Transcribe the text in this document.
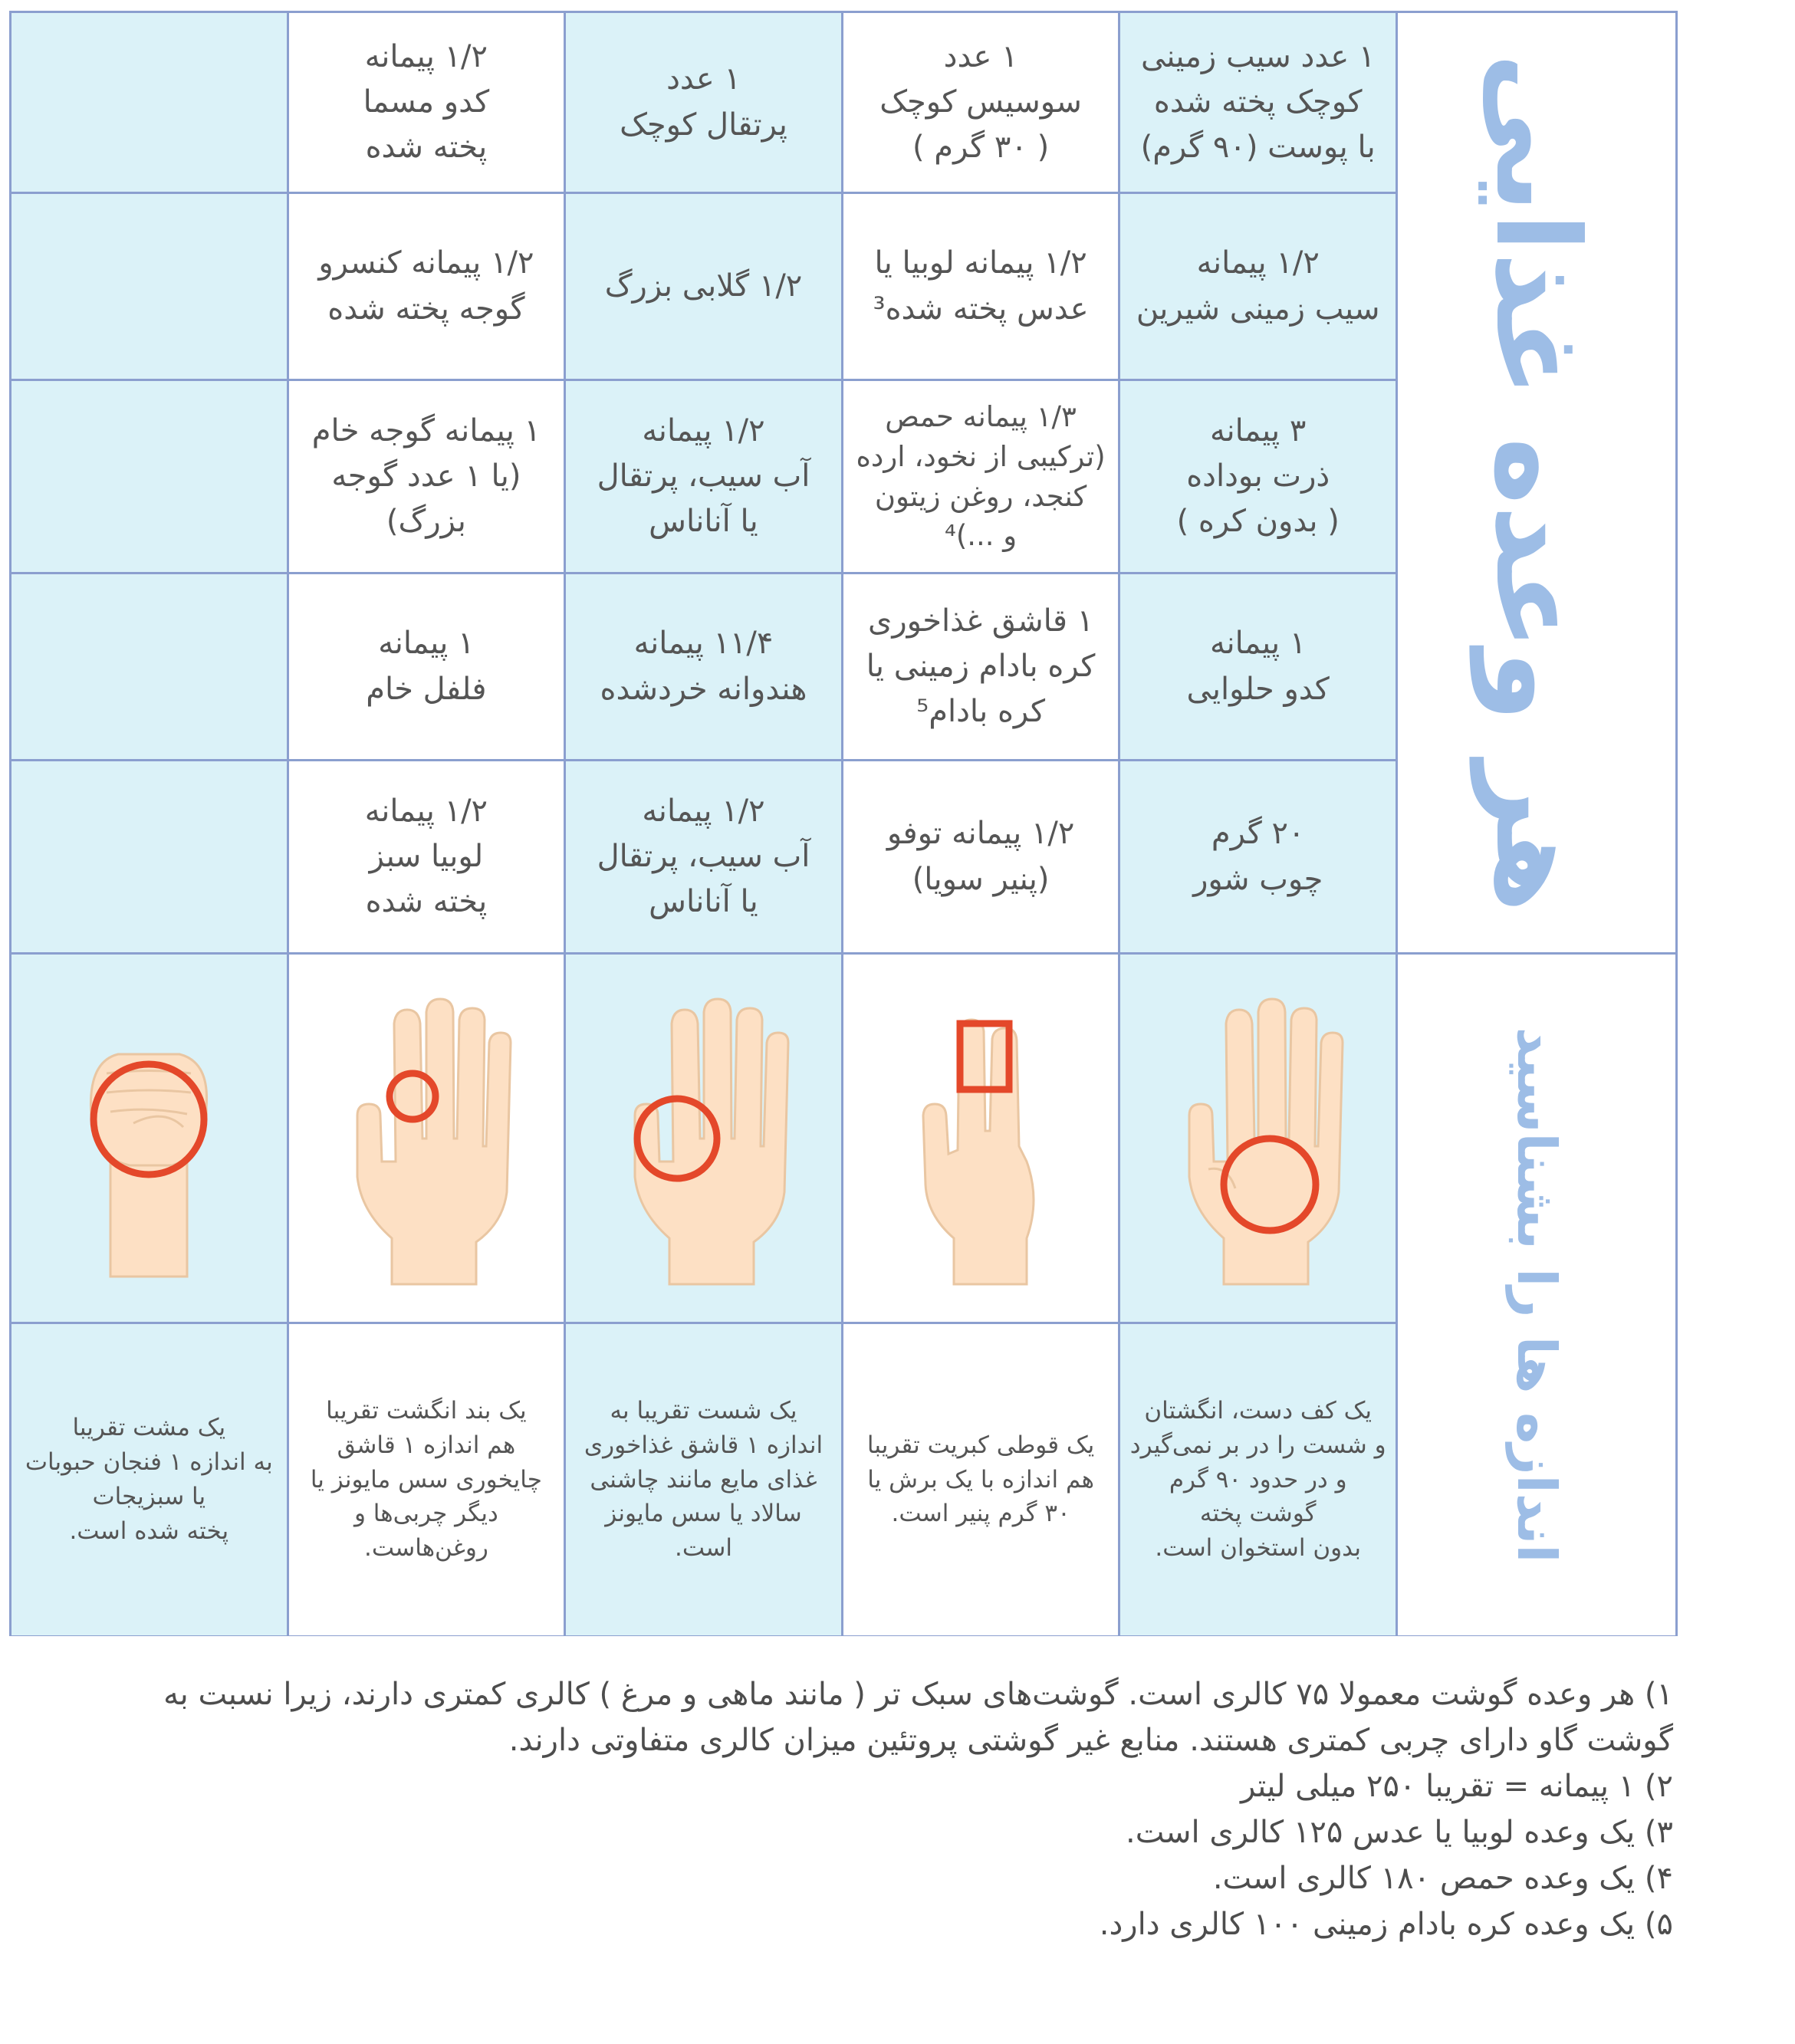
۱/۲ پیمانه
کدو مسما
پخته شده
۱ عدد
پرتقال کوچک
۱ عدد
سوسیس کوچک
( ۳۰ گرم )
۱ عدد سیب زمینی
کوچک پخته شده
با پوست (۹۰ گرم)
۱/۲ پیمانه کنسرو
گوجه پخته شده
۱/۲ گلابی بزرگ
۱/۲ پیمانه لوبیا یا
عدس پخته شده³
۱/۲ پیمانه
سیب زمینی شیرین
۱ پیمانه گوجه خام
(یا ۱ عدد گوجه بزرگ)
۱/۲ پیمانه
آب سیب، پرتقال
یا آناناس
۱/۳ پیمانه حمص
(ترکیبی از نخود، ارده
کنجد، روغن زیتون
و ...)⁴
۳ پیمانه
ذرت بوداده
( بدون کره )
۱ پیمانه
فلفل خام
۱۱/۴ پیمانه
هندوانه خردشده
۱ قاشق غذاخوری
کره بادام زمینی یا
کره بادام⁵
۱ پیمانه
کدو حلوایی
۱/۲ پیمانه
لوبیا سبز
پخته شده
۱/۲ پیمانه
آب سیب، پرتقال
یا آناناس
۱/۲ پیمانه توفو
(پنیر سویا)
۲۰ گرم
چوب شور	هر وعده غذایی
اندازه ها را بشناسید
یک مشت تقریبا
به اندازه ۱ فنجان حبوبات
یا سبزیجات
پخته شده است.
یک بند انگشت تقریبا
هم اندازه ۱ قاشق
چایخوری سس مایونز یا
دیگر چربی‌ها و
روغن‌هاست.
یک شست تقریبا به
اندازه ۱ قاشق غذاخوری
غذای مایع مانند چاشنی
سالاد یا سس مایونز
است.
یک قوطی کبریت تقریبا
هم اندازه با یک برش یا
۳۰ گرم پنیر است.
یک کف دست، انگشتان
و شست را در بر نمی‌گیرد
و در حدود ۹۰ گرم
گوشت پخته
بدون استخوان است.
۱) هر وعده گوشت معمولا ۷۵ کالری است. گوشت‌های سبک تر ( مانند ماهی و مرغ ) کالری کمتری دارند، زیرا نسبت به
گوشت گاو دارای چربی کمتری هستند. منابع غیر گوشتی پروتئین میزان کالری متفاوتی دارند.
۲) ۱ پیمانه = تقریبا ۲۵۰ میلی لیتر
۳) یک وعده لوبیا یا عدس ۱۲۵ کالری است.
۴) یک وعده حمص ۱۸۰ کالری است.
۵) یک وعده کره بادام زمینی ۱۰۰ کالری دارد.
